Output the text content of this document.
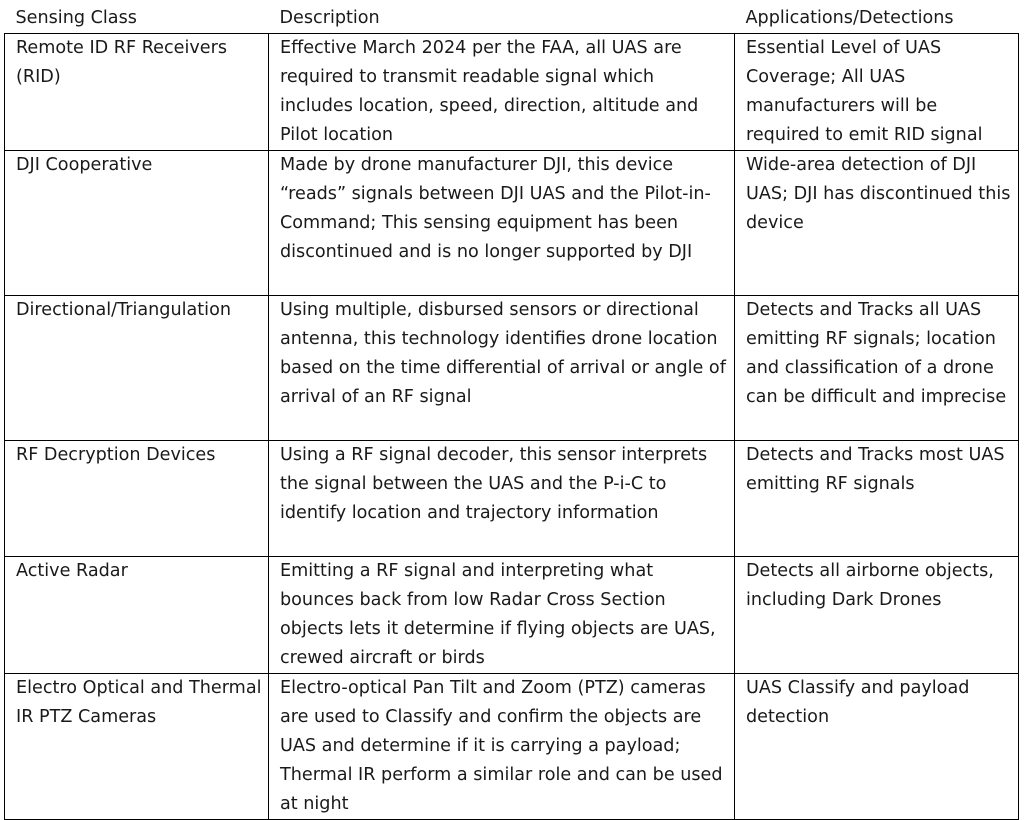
Sensing Class	Description	Applications/Detections
Remote ID RF Receivers (RID)	Effective March 2024 per the FAA, all UAS are required to transmit readable signal which includes location, speed, direction, altitude and Pilot location	Essential Level of UAS Coverage; All UAS manufacturers will be required to emit RID signal
DJI Cooperative	Made by drone manufacturer DJI, this device “reads” signals between DJI UAS and the Pilot-in-Command; This sensing equipment has been discontinued and is no longer supported by DJI	Wide-area detection of DJI UAS; DJI has discontinued this device
Directional/Triangulation	Using multiple, disbursed sensors or directional antenna, this technology identifies drone location based on the time differential of arrival or angle of arrival of an RF signal	Detects and Tracks all UAS emitting RF signals; location and classification of a drone can be difficult and imprecise
RF Decryption Devices	Using a RF signal decoder, this sensor interprets the signal between the UAS and the P-i-C to identify location and trajectory information	Detects and Tracks most UAS emitting RF signals
Active Radar	Emitting a RF signal and interpreting what bounces back from low Radar Cross Section objects lets it determine if flying objects are UAS, crewed aircraft or birds	Detects all airborne objects, including Dark Drones
Electro Optical and Thermal IR PTZ Cameras	Electro-optical Pan Tilt and Zoom (PTZ) cameras are used to Classify and confirm the objects are UAS and determine if it is carrying a payload; Thermal IR perform a similar role and can be used at night	UAS Classify and payload detection
